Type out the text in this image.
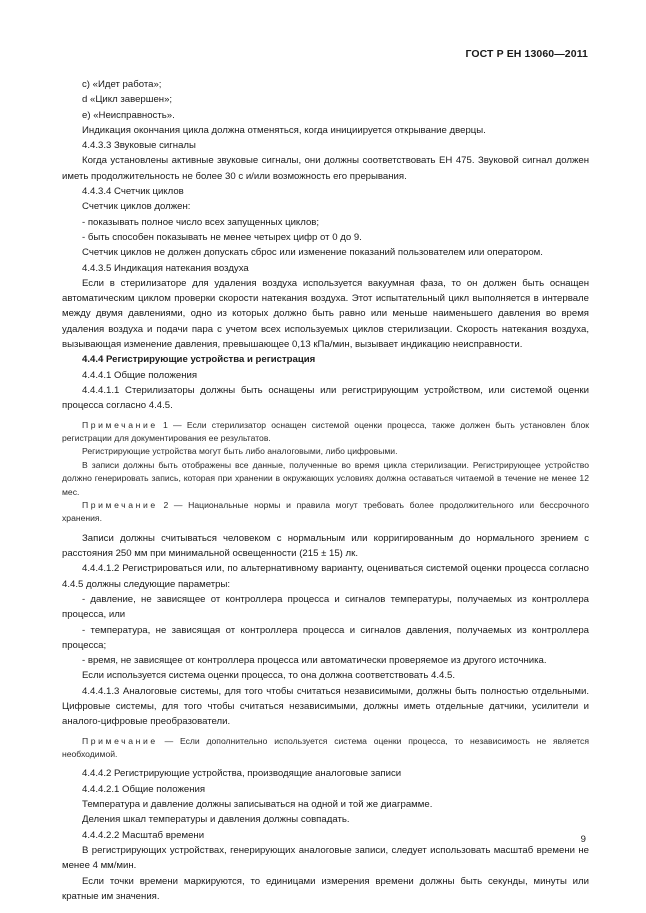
ГОСТ Р ЕН 13060—2011

c) «Идет работа»;

d «Цикл завершен»;

e) «Неисправность».

Индикация окончания цикла должна отменяться, когда инициируется открывание дверцы.

4.4.3.3 Звуковые сигналы

Когда установлены активные звуковые сигналы, они должны соответствовать ЕН 475. Звуковой сигнал должен иметь продолжительность не более 30 с и/или возможность его прерывания.

4.4.3.4 Счетчик циклов

Счетчик циклов должен:

- показывать полное число всех запущенных циклов;

- быть способен показывать не менее четырех цифр от 0 до 9.

Счетчик циклов не должен допускать сброс или изменение показаний пользователем или оператором.

4.4.3.5 Индикация натекания воздуха

Если в стерилизаторе для удаления воздуха используется вакуумная фаза, то он должен быть оснащен автоматическим циклом проверки скорости натекания воздуха. Этот испытательный цикл выполняется в интервале между двумя давлениями, одно из которых должно быть равно или меньше наименьшего давления во время удаления воздуха и подачи пара с учетом всех используемых циклов стерилизации. Скорость натекания воздуха, вызывающая изменение давления, превышающее 0,13 кПа/мин, вызывает индикацию неисправности.

4.4.4 Регистрирующие устройства и регистрация

4.4.4.1 Общие положения

4.4.4.1.1 Стерилизаторы должны быть оснащены или регистрирующим устройством, или системой оценки процесса согласно 4.4.5.

Примечание 1 — Если стерилизатор оснащен системой оценки процесса, также должен быть установлен блок регистрации для документирования ее результатов.

Регистрирующие устройства могут быть либо аналоговыми, либо цифровыми.

В записи должны быть отображены все данные, полученные во время цикла стерилизации. Регистрирующее устройство должно генерировать запись, которая при хранении в окружающих условиях должна оставаться читаемой в течение не менее 12 мес.

Примечание 2 — Национальные нормы и правила могут требовать более продолжительного или бессрочного хранения.

Записи должны считываться человеком с нормальным или корригированным до нормального зрением с расстояния 250 мм при минимальной освещенности (215 ± 15) лк.

4.4.4.1.2 Регистрироваться или, по альтернативному варианту, оцениваться системой оценки процесса согласно 4.4.5 должны следующие параметры:

- давление, не зависящее от контроллера процесса и сигналов температуры, получаемых из контроллера процесса, или

- температура, не зависящая от контроллера процесса и сигналов давления, получаемых из контроллера процесса;

- время, не зависящее от контроллера процесса или автоматически проверяемое из другого источника.

Если используется система оценки процесса, то она должна соответствовать 4.4.5.

4.4.4.1.3 Аналоговые системы, для того чтобы считаться независимыми, должны быть полностью отдельными. Цифровые системы, для того чтобы считаться независимыми, должны иметь отдельные датчики, усилители и аналого-цифровые преобразователи.

Примечание — Если дополнительно используется система оценки процесса, то независимость не является необходимой.

4.4.4.2 Регистрирующие устройства, производящие аналоговые записи

4.4.4.2.1 Общие положения

Температура и давление должны записываться на одной и той же диаграмме.

Деления шкал температуры и давления должны совпадать.

4.4.4.2.2 Масштаб времени

В регистрирующих устройствах, генерирующих аналоговые записи, следует использовать масштаб времени не менее 4 мм/мин.

Если точки времени маркируются, то единицами измерения времени должны быть секунды, минуты или кратные им значения.

9
